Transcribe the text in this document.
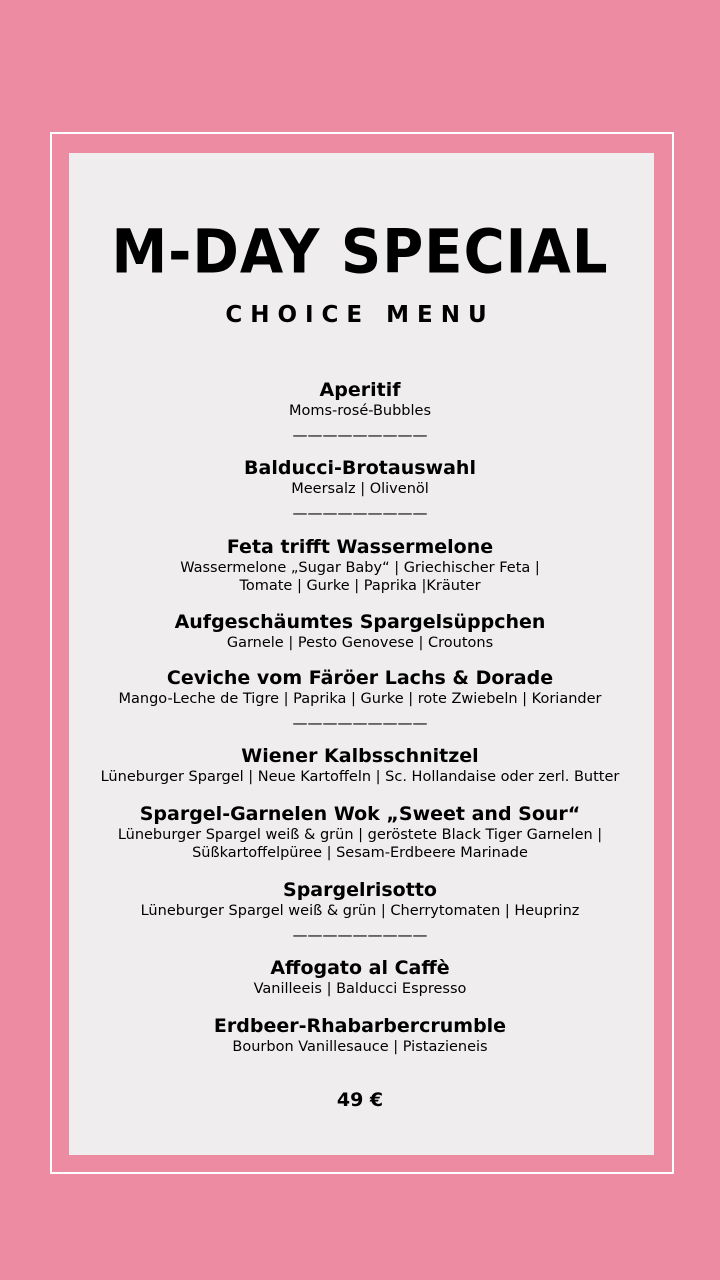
M-DAY SPECIAL
CHOICE MENU
Aperitif
Moms-rosé-Bubbles
—————————
Balducci-Brotauswahl
Meersalz | Olivenöl
—————————
Feta trifft Wassermelone
Wassermelone „Sugar Baby“ | Griechischer Feta |
Tomate | Gurke | Paprika |Kräuter
Aufgeschäumtes Spargelsüppchen
Garnele | Pesto Genovese | Croutons
Ceviche vom Färöer Lachs & Dorade
Mango-Leche de Tigre | Paprika | Gurke | rote Zwiebeln | Koriander
—————————
Wiener Kalbsschnitzel
Lüneburger Spargel | Neue Kartoffeln | Sc. Hollandaise oder zerl. Butter
Spargel-Garnelen Wok „Sweet and Sour“
Lüneburger Spargel weiß & grün | geröstete Black Tiger Garnelen |
Süßkartoffelpüree | Sesam-Erdbeere Marinade
Spargelrisotto
Lüneburger Spargel weiß & grün | Cherrytomaten | Heuprinz
—————————
Affogato al Caffè
Vanilleeis | Balducci Espresso
Erdbeer-Rhabarbercrumble
Bourbon Vanillesauce | Pistazieneis
49 €
